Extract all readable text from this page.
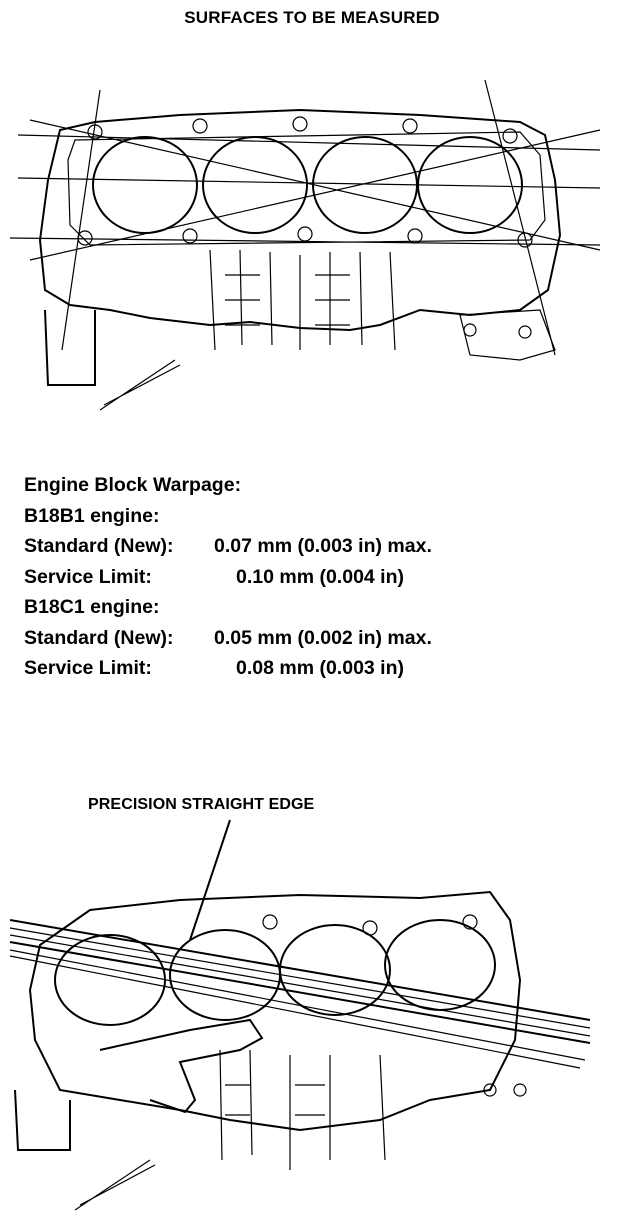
SURFACES TO BE MEASURED
Engine Block Warpage:
B18B1 engine:
Standard (New): 0.07 mm (0.003 in) max.
Service Limit:	0.10 mm (0.004 in)
B18C1 engine:
Standard (New): 0.05 mm (0.002 in) max.
Service Limit:	0.08 mm (0.003 in)
PRECISION STRAIGHT EDGE
